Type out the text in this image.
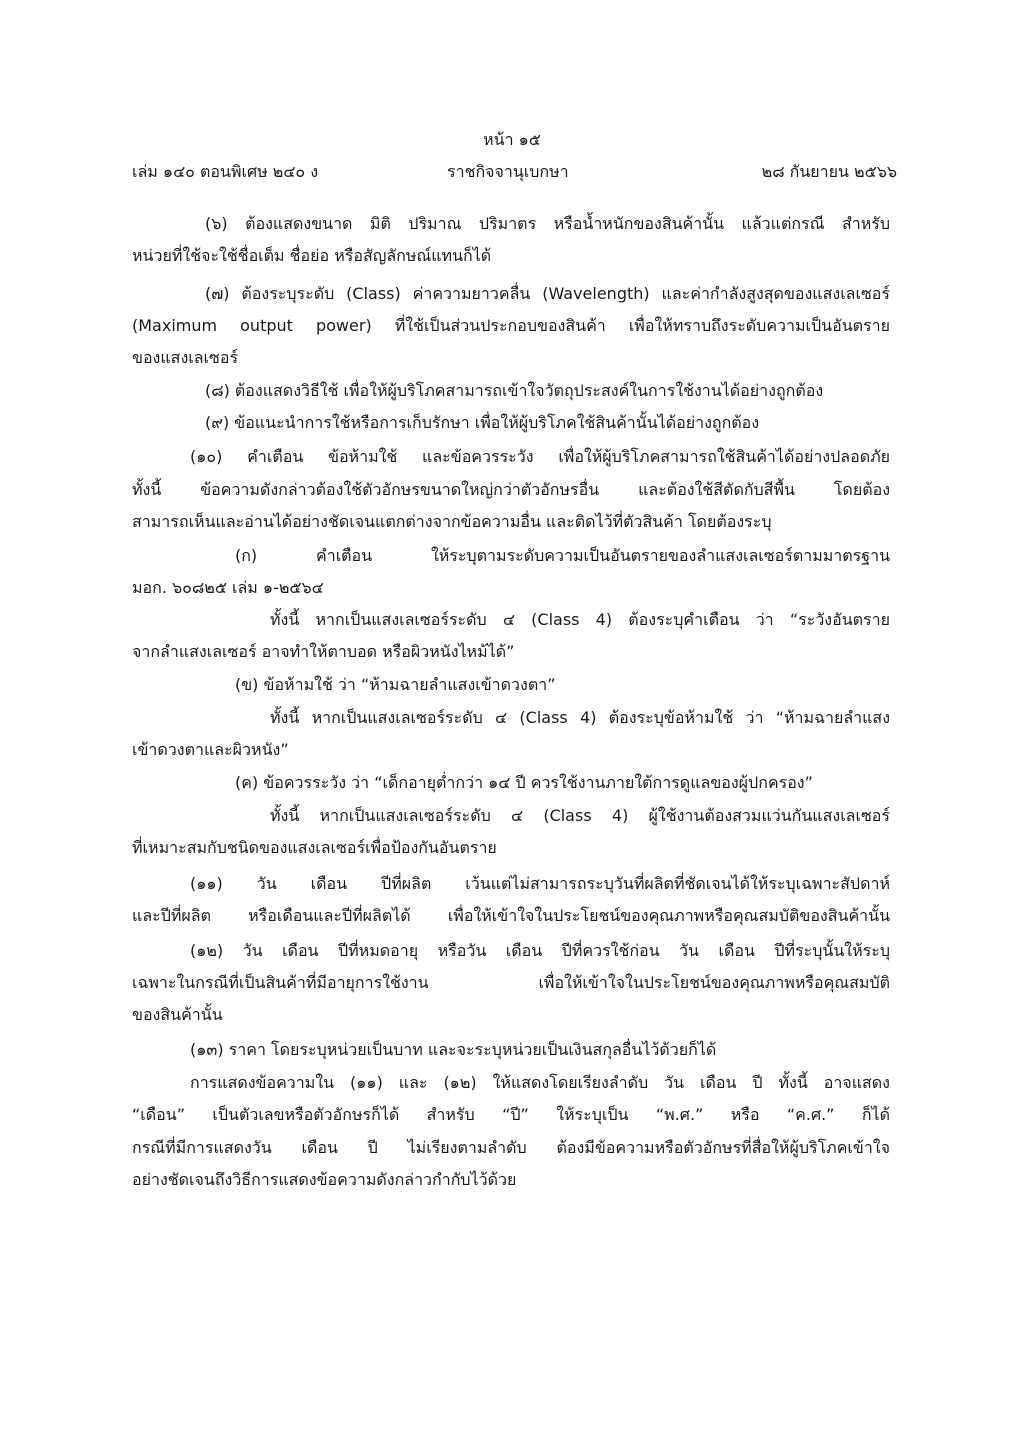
หน้า ๑๕
เล่ม ๑๔๐ ตอนพิเศษ ๒๔๐ ง	ราชกิจจานุเบกษา	๒๘ กันยายน ๒๕๖๖
(๖) ต้องแสดงขนาด มิติ ปริมาณ ปริมาตร หรือน้ำหนักของสินค้านั้น แล้วแต่กรณี สำหรับ
หน่วยที่ใช้จะใช้ชื่อเต็ม ชื่อย่อ หรือสัญลักษณ์แทนก็ได้
(๗) ต้องระบุระดับ (Class) ค่าความยาวคลื่น (Wavelength) และค่ากำลังสูงสุดของแสงเลเซอร์
(Maximum output power) ที่ใช้เป็นส่วนประกอบของสินค้า เพื่อให้ทราบถึงระดับความเป็นอันตราย
ของแสงเลเซอร์
(๘) ต้องแสดงวิธีใช้ เพื่อให้ผู้บริโภคสามารถเข้าใจวัตถุประสงค์ในการใช้งานได้อย่างถูกต้อง
(๙) ข้อแนะนำการใช้หรือการเก็บรักษา เพื่อให้ผู้บริโภคใช้สินค้านั้นได้อย่างถูกต้อง
(๑๐) คำเตือน ข้อห้ามใช้ และข้อควรระวัง เพื่อให้ผู้บริโภคสามารถใช้สินค้าได้อย่างปลอดภัย
ทั้งนี้ ข้อความดังกล่าวต้องใช้ตัวอักษรขนาดใหญ่กว่าตัวอักษรอื่น และต้องใช้สีตัดกับสีพื้น โดยต้อง
สามารถเห็นและอ่านได้อย่างชัดเจนแตกต่างจากข้อความอื่น และติดไว้ที่ตัวสินค้า โดยต้องระบุ
(ก) คำเตือน ให้ระบุตามระดับความเป็นอันตรายของลำแสงเลเซอร์ตามมาตรฐาน
มอก. ๖๐๘๒๕ เล่ม ๑-๒๕๖๔
ทั้งนี้ หากเป็นแสงเลเซอร์ระดับ ๔ (Class 4) ต้องระบุคำเตือน ว่า “ระวังอันตราย
จากลำแสงเลเซอร์ อาจทำให้ตาบอด หรือผิวหนังไหม้ได้”
(ข) ข้อห้ามใช้ ว่า “ห้ามฉายลำแสงเข้าดวงตา”
ทั้งนี้ หากเป็นแสงเลเซอร์ระดับ ๔ (Class 4) ต้องระบุข้อห้ามใช้ ว่า “ห้ามฉายลำแสง
เข้าดวงตาและผิวหนัง”
(ค) ข้อควรระวัง ว่า “เด็กอายุต่ำกว่า ๑๔ ปี ควรใช้งานภายใต้การดูแลของผู้ปกครอง”
ทั้งนี้ หากเป็นแสงเลเซอร์ระดับ ๔ (Class 4) ผู้ใช้งานต้องสวมแว่นกันแสงเลเซอร์
ที่เหมาะสมกับชนิดของแสงเลเซอร์เพื่อป้องกันอันตราย
(๑๑) วัน เดือน ปีที่ผลิต เว้นแต่ไม่สามารถระบุวันที่ผลิตที่ชัดเจนได้ให้ระบุเฉพาะสัปดาห์
และปีที่ผลิต หรือเดือนและปีที่ผลิตได้ เพื่อให้เข้าใจในประโยชน์ของคุณภาพหรือคุณสมบัติของสินค้านั้น
(๑๒) วัน เดือน ปีที่หมดอายุ หรือวัน เดือน ปีที่ควรใช้ก่อน วัน เดือน ปีที่ระบุนั้นให้ระบุ
เฉพาะในกรณีที่เป็นสินค้าที่มีอายุการใช้งาน เพื่อให้เข้าใจในประโยชน์ของคุณภาพหรือคุณสมบัติ
ของสินค้านั้น
(๑๓) ราคา โดยระบุหน่วยเป็นบาท และจะระบุหน่วยเป็นเงินสกุลอื่นไว้ด้วยก็ได้
การแสดงข้อความใน (๑๑) และ (๑๒) ให้แสดงโดยเรียงลำดับ วัน เดือน ปี ทั้งนี้ อาจแสดง
“เดือน” เป็นตัวเลขหรือตัวอักษรก็ได้ สำหรับ “ปี” ให้ระบุเป็น “พ.ศ.” หรือ “ค.ศ.” ก็ได้
กรณีที่มีการแสดงวัน เดือน ปี ไม่เรียงตามลำดับ ต้องมีข้อความหรือตัวอักษรที่สื่อให้ผู้บริโภคเข้าใจ
อย่างชัดเจนถึงวิธีการแสดงข้อความดังกล่าวกำกับไว้ด้วย
